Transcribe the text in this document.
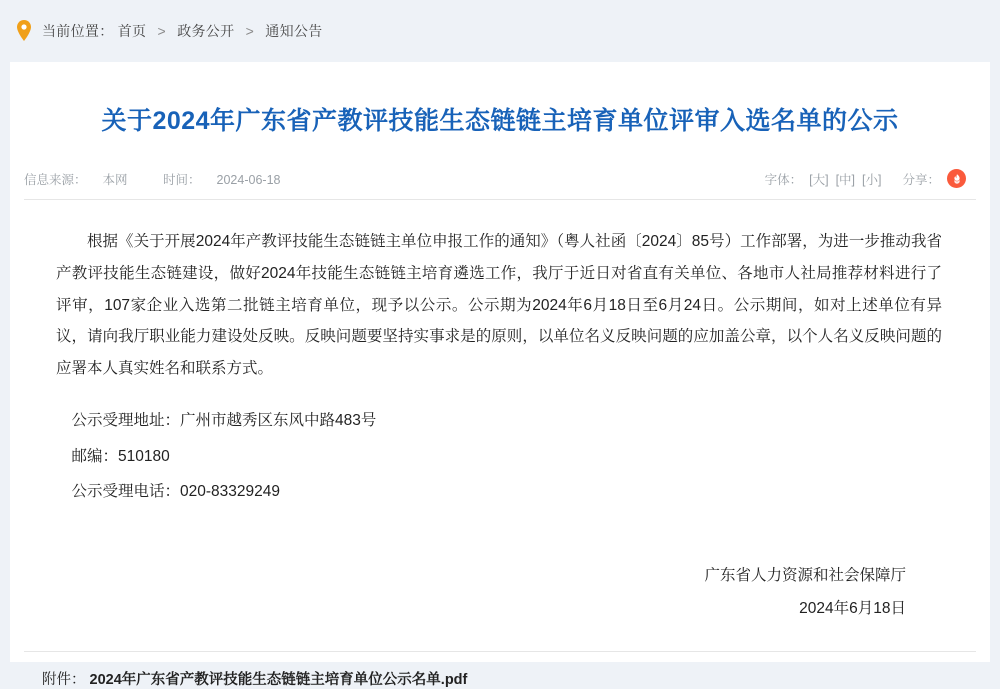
当前位置： 首页 > 政务公开 > 通知公告
关于2024年广东省产教评技能生态链链主培育单位评审入选名单的公示
信息来源： 本网	时间： 2024-06-18	字体： [大] [中] [小] 分享：

根据《关于开展2024年产教评技能生态链链主单位申报工作的通知》（粤人社函〔2024〕85号）工作部署，为进一步推动我省产教评技能生态链建设，做好2024年技能生态链链主培育遴选工作，我厅于近日对省直有关单位、各地市人社局推荐材料进行了评审，107家企业入选第二批链主培育单位，现予以公示。公示期为2024年6月18日至6月24日。公示期间，如对上述单位有异议，请向我厅职业能力建设处反映。反映问题要坚持实事求是的原则，以单位名义反映问题的应加盖公章，以个人名义反映问题的应署本人真实姓名和联系方式。

公示受理地址：广州市越秀区东风中路483号

邮编：510180

公示受理电话：020-83329249

广东省人力资源和社会保障厅
2024年6月18日
附件： 2024年广东省产教评技能生态链链主培育单位公示名单.pdf
